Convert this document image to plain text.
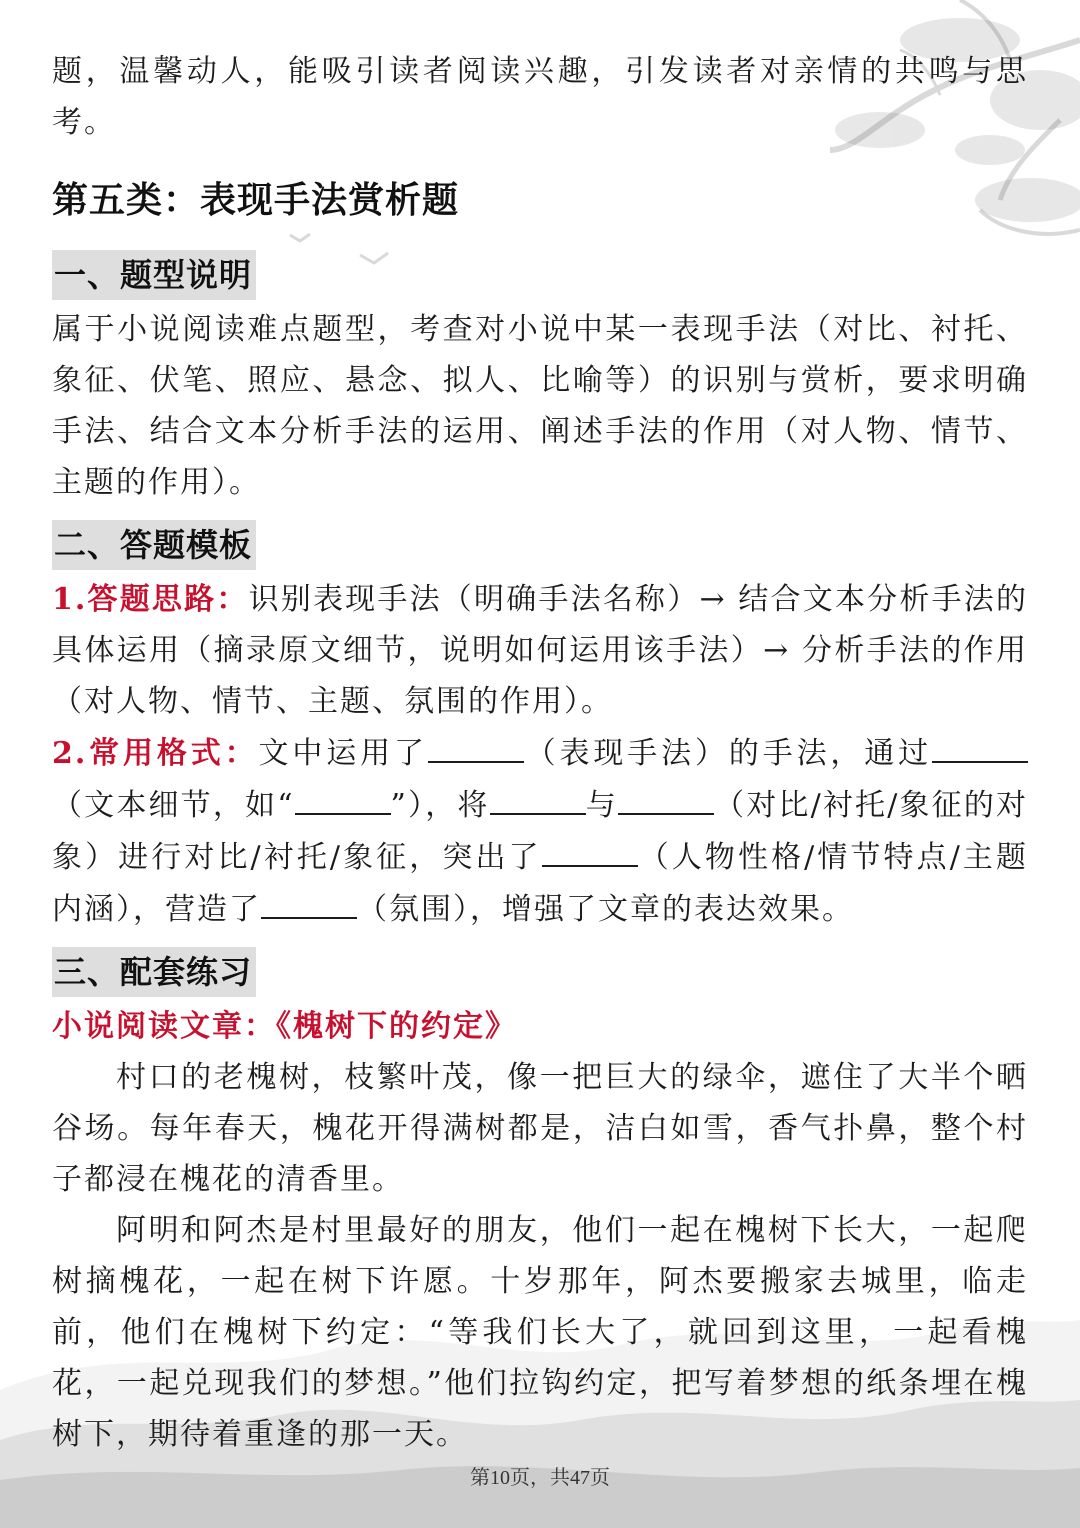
题，温馨动人，能吸引读者阅读兴趣，引发读者对亲情的共鸣与思考。

第五类：表现手法赏析题
一、题型说明

属于小说阅读难点题型，考查对小说中某一表现手法（对比、衬托、象征、伏笔、照应、悬念、拟人、比喻等）的识别与赏析，要求明确手法、结合文本分析手法的运用、阐述手法的作用（对人物、情节、主题的作用）。

二、答题模板

1.答题思路：识别表现手法（明确手法名称）→ 结合文本分析手法的具体运用（摘录原文细节，说明如何运用该手法）→ 分析手法的作用（对人物、情节、主题、氛围的作用）。

2.常用格式：文中运用了	（表现手法）的手法，通过（文本细节，如“	”），将	与	（对比/衬托/象征的对象）进行对比/衬托/象征，突出了	（人物性格/情节特点/主题内涵），营造了	（氛围），增强了文章的表达效果。

三、配套练习

小说阅读文章：《槐树下的约定》

村口的老槐树，枝繁叶茂，像一把巨大的绿伞，遮住了大半个晒谷场。每年春天，槐花开得满树都是，洁白如雪，香气扑鼻，整个村子都浸在槐花的清香里。

阿明和阿杰是村里最好的朋友，他们一起在槐树下长大，一起爬树摘槐花，一起在树下许愿。十岁那年，阿杰要搬家去城里，临走前，他们在槐树下约定：“等我们长大了，就回到这里，一起看槐花，一起兑现我们的梦想。”他们拉钩约定，把写着梦想的纸条埋在槐树下，期待着重逢的那一天。

第10页，共47页
